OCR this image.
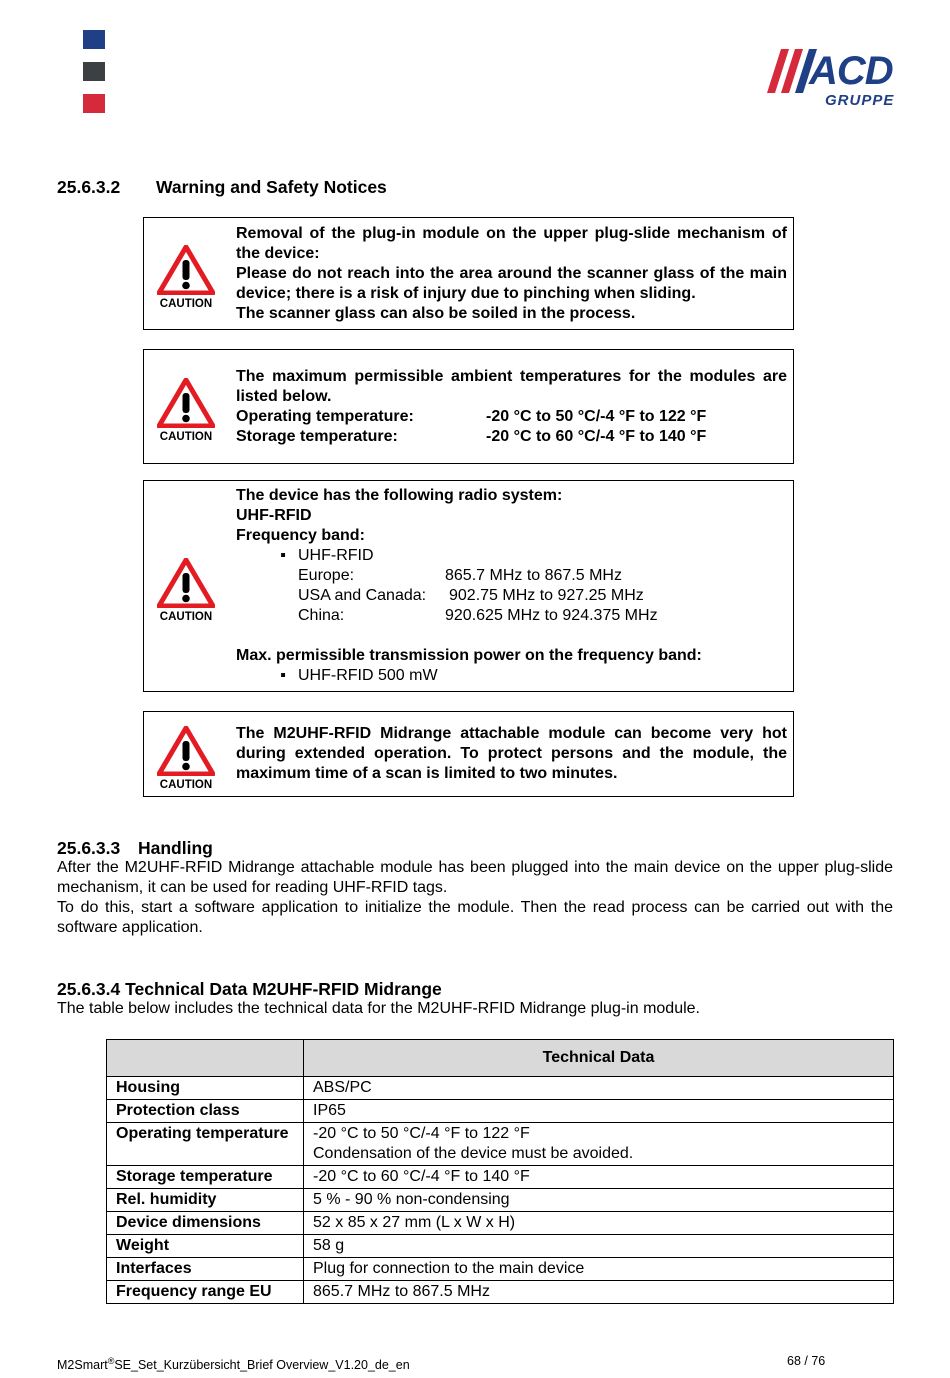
ACD
GRUPPE
25.6.3.2 Warning and Safety Notices
CAUTION
Removal of the plug-in module on the upper plug-slide mechanism of the device:
Please do not reach into the area around the scanner glass of the main device; there is a risk of injury due to pinching when sliding.
The scanner glass can also be soiled in the process.
CAUTION
The maximum permissible ambient temperatures for the modules are listed below.
Operating temperature:	-20 °C to 50 °C/-4 °F to 122 °F
Storage temperature:	-20 °C to 60 °C/-4 °F to 140 °F
CAUTION
The device has the following radio system:
UHF-RFID
Frequency band:
▪ UHF-RFID
Europe:	865.7 MHz to 867.5 MHz
USA and Canada:	902.75 MHz to 927.25 MHz
China:	920.625 MHz to 924.375 MHz
Max. permissible transmission power on the frequency band:
▪ UHF-RFID 500 mW
CAUTION
The M2UHF-RFID Midrange attachable module can become very hot during extended operation. To protect persons and the module, the maximum time of a scan is limited to two minutes.
25.6.3.3 Handling
After the M2UHF-RFID Midrange attachable module has been plugged into the main device on the upper plug-slide mechanism, it can be used for reading UHF-RFID tags.
To do this, start a software application to initialize the module. Then the read process can be carried out with the software application.
25.6.3.4 Technical Data M2UHF-RFID Midrange
The table below includes the technical data for the M2UHF-RFID Midrange plug-in module.
	Technical Data
Housing	ABS/PC
Protection class	IP65
Operating temperature	-20 °C to 50 °C/-4 °F to 122 °F
Condensation of the device must be avoided.

Storage temperature	-20 °C to 60 °C/-4 °F to 140 °F
Rel. humidity	5 % - 90 % non-condensing
Device dimensions	52 x 85 x 27 mm (L x W x H)
Weight	58 g
Interfaces	Plug for connection to the main device
Frequency range EU	865.7 MHz to 867.5 MHz
M2Smart®SE_Set_Kurzübersicht_Brief Overview_V1.20_de_en	68 / 76
